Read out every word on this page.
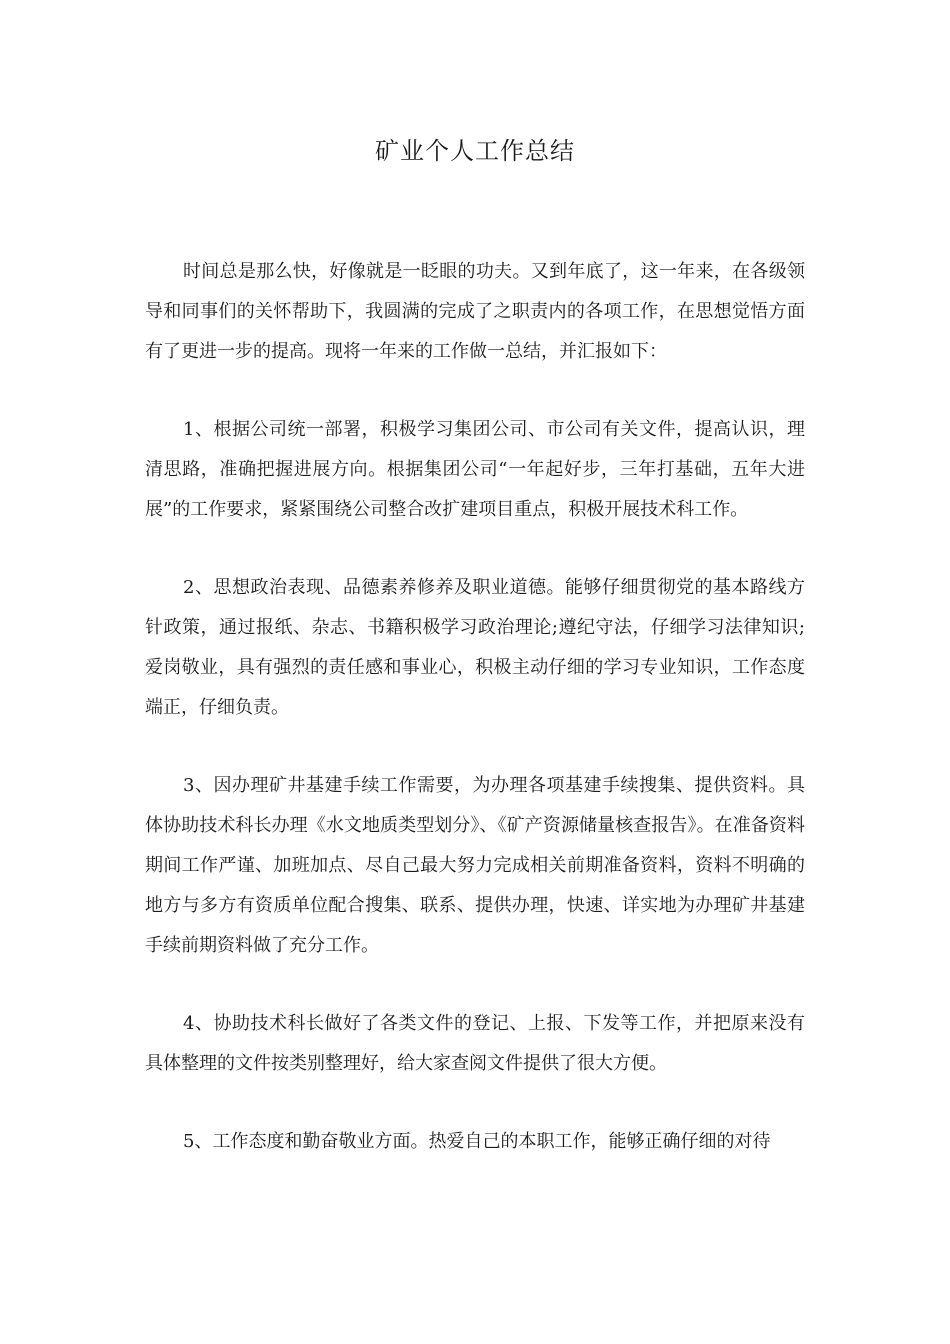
矿业个人工作总结

时间总是那么快，好像就是一眨眼的功夫。又到年底了，这一年来，在各级领导和同事们的关怀帮助下，我圆满的完成了之职责内的各项工作，在思想觉悟方面有了更进一步的提高。现将一年来的工作做一总结，并汇报如下：

1、根据公司统一部署，积极学习集团公司、市公司有关文件，提高认识，理清思路，准确把握进展方向。根据集团公司“一年起好步，三年打基础，五年大进展”的工作要求，紧紧围绕公司整合改扩建项目重点，积极开展技术科工作。

2、思想政治表现、品德素养修养及职业道德。能够仔细贯彻党的基本路线方针政策，通过报纸、杂志、书籍积极学习政治理论;遵纪守法，仔细学习法律知识;爱岗敬业，具有强烈的责任感和事业心，积极主动仔细的学习专业知识，工作态度端正，仔细负责。

3、因办理矿井基建手续工作需要，为办理各项基建手续搜集、提供资料。具体协助技术科长办理《水文地质类型划分》、《矿产资源储量核查报告》。在准备资料期间工作严谨、加班加点、尽自己最大努力完成相关前期准备资料，资料不明确的地方与多方有资质单位配合搜集、联系、提供办理，快速、详实地为办理矿井基建手续前期资料做了充分工作。

4、协助技术科长做好了各类文件的登记、上报、下发等工作，并把原来没有具体整理的文件按类别整理好，给大家查阅文件提供了很大方便。

5、工作态度和勤奋敬业方面。热爱自己的本职工作，能够正确仔细的对待
